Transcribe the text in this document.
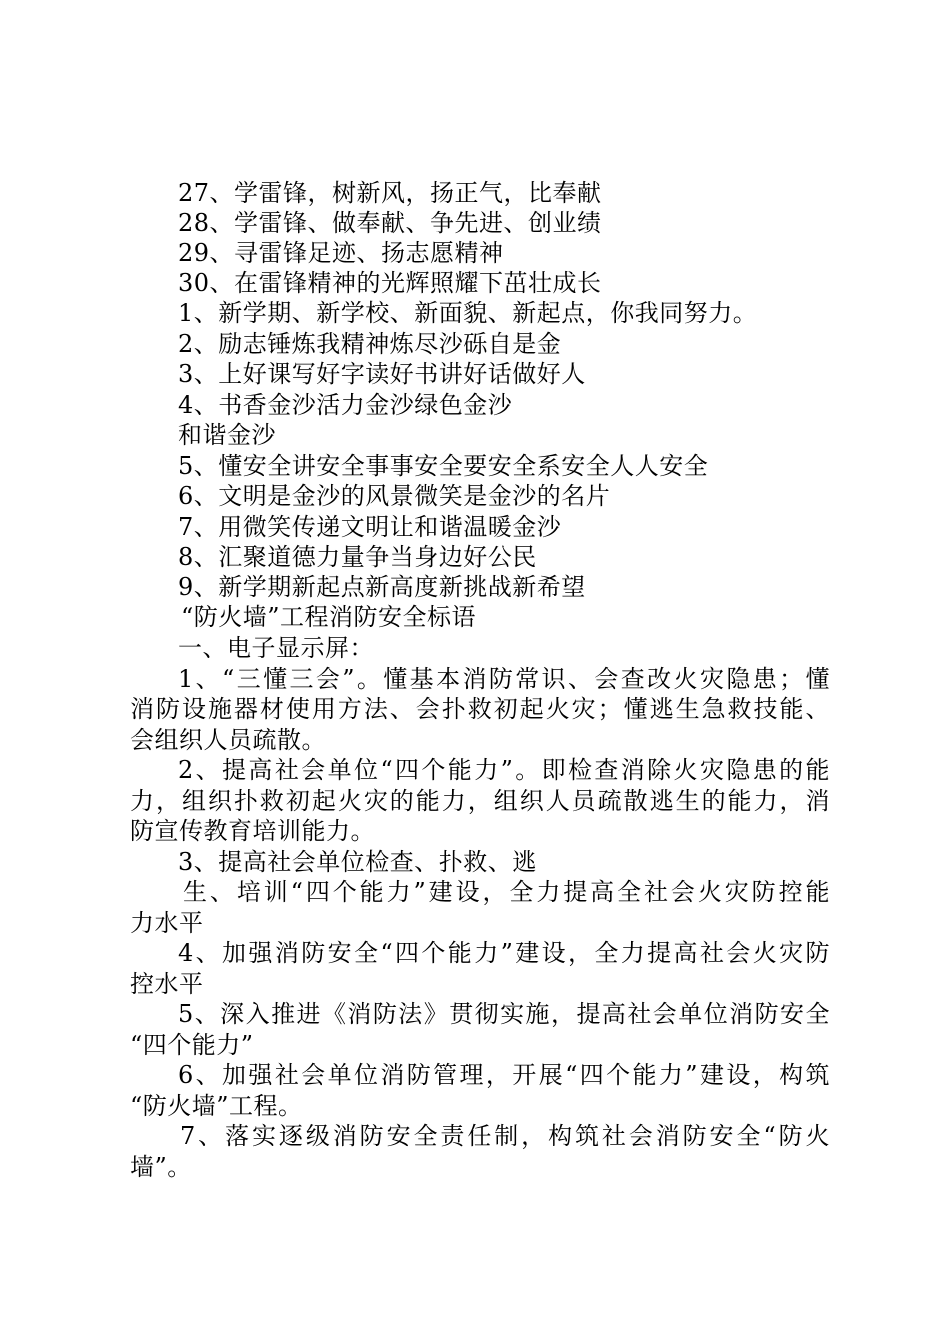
27、学雷锋，树新风，扬正气，比奉献
28、学雷锋、做奉献、争先进、创业绩
29、寻雷锋足迹、扬志愿精神
30、在雷锋精神的光辉照耀下茁壮成长
1、新学期、新学校、新面貌、新起点，你我同努力。
2、励志锤炼我精神炼尽沙砾自是金
3、上好课写好字读好书讲好话做好人
4、书香金沙活力金沙绿色金沙
和谐金沙
5、懂安全讲安全事事安全要安全系安全人人安全
6、文明是金沙的风景微笑是金沙的名片
7、用微笑传递文明让和谐温暖金沙
8、汇聚道德力量争当身边好公民
9、新学期新起点新高度新挑战新希望
“防火墙”工程消防安全标语
一、电子显示屏：
1、“三懂三会”。懂基本消防常识、会查改火灾隐患；懂
消防设施器材使用方法、会扑救初起火灾；懂逃生急救技能、
会组织人员疏散。
2、提高社会单位“四个能力”。即检查消除火灾隐患的能
力，组织扑救初起火灾的能力，组织人员疏散逃生的能力，消
防宣传教育培训能力。
3、提高社会单位检查、扑救、逃
生、培训“四个能力”建设，全力提高全社会火灾防控能
力水平
4、加强消防安全“四个能力”建设，全力提高社会火灾防
控水平
5、深入推进《消防法》贯彻实施，提高社会单位消防安全
“四个能力”
6、加强社会单位消防管理，开展“四个能力”建设，构筑
“防火墙”工程。
7、落实逐级消防安全责任制，构筑社会消防安全“防火
墙”。
